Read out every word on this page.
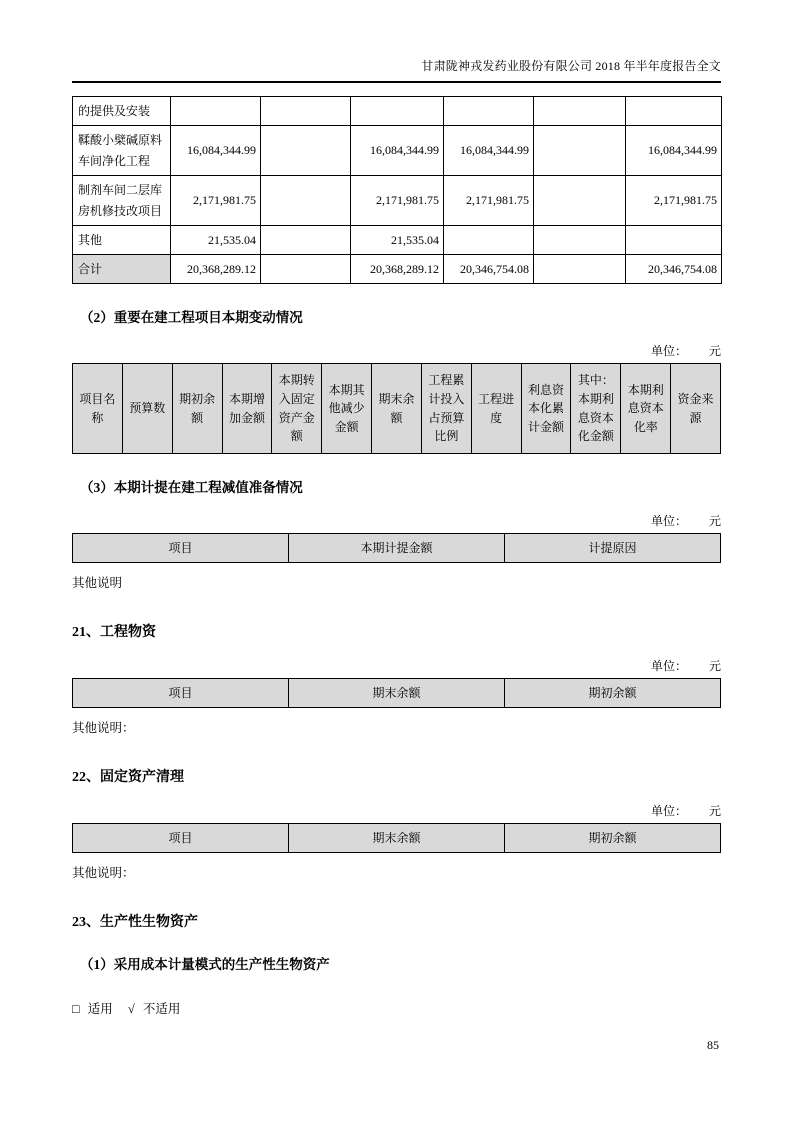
甘肃陇神戎发药业股份有限公司 2018 年半年度报告全文
的提供及安装						
鞣酸小檗碱原料车间净化工程	16,084,344.99		16,084,344.99	16,084,344.99		16,084,344.99
制剂车间二层库房机修技改项目	2,171,981.75		2,171,981.75	2,171,981.75		2,171,981.75
其他	21,535.04		21,535.04			
合计	20,368,289.12		20,368,289.12	20,346,754.08		20,346,754.08
（2）重要在建工程项目本期变动情况
单位： 元
项目名称	预算数	期初余额	本期增加金额	本期转入固定资产金额	本期其他减少金额	期末余额	工程累计投入占预算比例	工程进度	利息资本化累计金额	其中：本期利息资本化金额	本期利息资本化率	资金来源
（3）本期计提在建工程减值准备情况
单位： 元
项目	本期计提金额	计提原因
其他说明
21、工程物资
单位： 元
项目	期末余额	期初余额
其他说明：
22、固定资产清理
单位： 元
项目	期末余额	期初余额
其他说明：
23、生产性生物资产
（1）采用成本计量模式的生产性生物资产
□ 适用 √ 不适用
85
